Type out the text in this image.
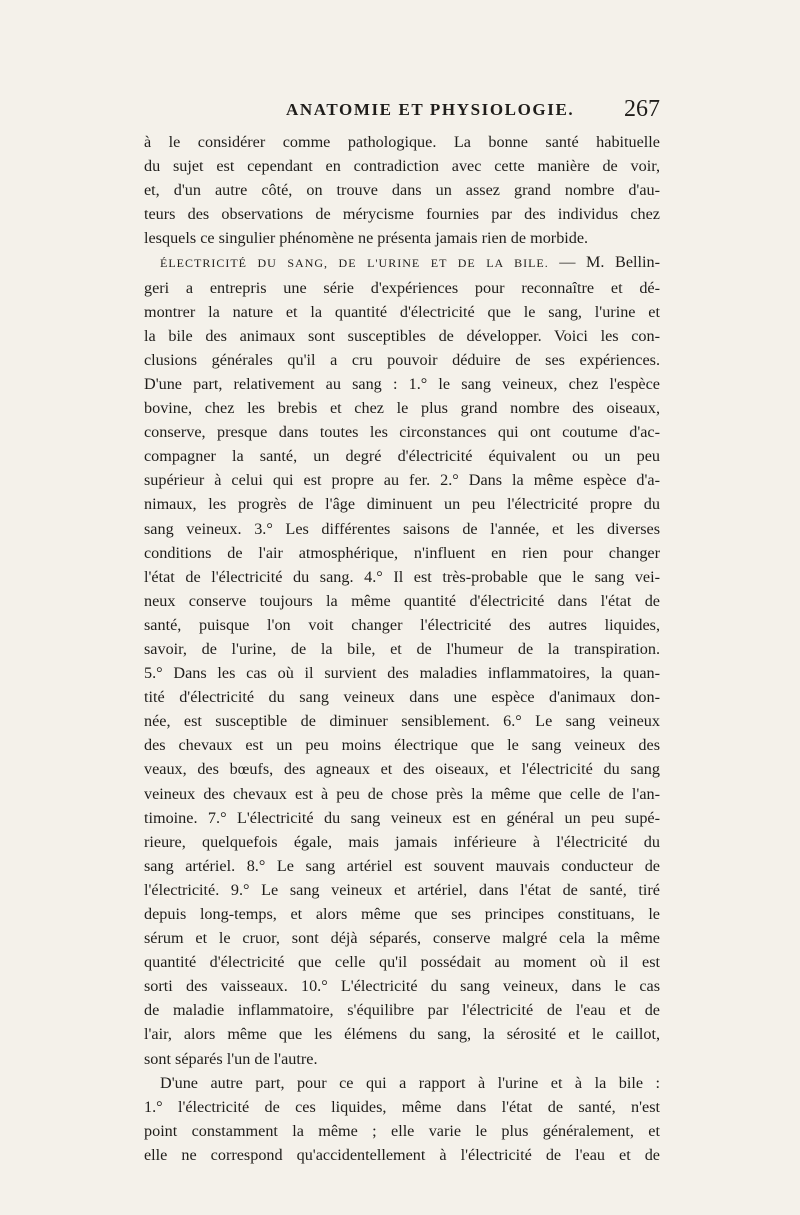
ANATOMIE ET PHYSIOLOGIE. 267
à le considérer comme pathologique. La bonne santé habituelle
du sujet est cependant en contradiction avec cette manière de voir,
et, d'un autre côté, on trouve dans un assez grand nombre d'au-
teurs des observations de mérycisme fournies par des individus chez
lesquels ce singulier phénomène ne présenta jamais rien de morbide.
ÉLECTRICITÉ DU SANG, DE L'URINE ET DE LA BILE. — M. Bellin-
geri a entrepris une série d'expériences pour reconnaître et dé-
montrer la nature et la quantité d'électricité que le sang, l'urine et
la bile des animaux sont susceptibles de développer. Voici les con-
clusions générales qu'il a cru pouvoir déduire de ses expériences.
D'une part, relativement au sang : 1.° le sang veineux, chez l'espèce
bovine, chez les brebis et chez le plus grand nombre des oiseaux,
conserve, presque dans toutes les circonstances qui ont coutume d'ac-
compagner la santé, un degré d'électricité équivalent ou un peu
supérieur à celui qui est propre au fer. 2.° Dans la même espèce d'a-
nimaux, les progrès de l'âge diminuent un peu l'électricité propre du
sang veineux. 3.° Les différentes saisons de l'année, et les diverses
conditions de l'air atmosphérique, n'influent en rien pour changer
l'état de l'électricité du sang. 4.° Il est très-probable que le sang vei-
neux conserve toujours la même quantité d'électricité dans l'état de
santé, puisque l'on voit changer l'électricité des autres liquides,
savoir, de l'urine, de la bile, et de l'humeur de la transpiration.
5.° Dans les cas où il survient des maladies inflammatoires, la quan-
tité d'électricité du sang veineux dans une espèce d'animaux don-
née, est susceptible de diminuer sensiblement. 6.° Le sang veineux
des chevaux est un peu moins électrique que le sang veineux des
veaux, des bœufs, des agneaux et des oiseaux, et l'électricité du sang
veineux des chevaux est à peu de chose près la même que celle de l'an-
timoine. 7.° L'électricité du sang veineux est en général un peu supé-
rieure, quelquefois égale, mais jamais inférieure à l'électricité du
sang artériel. 8.° Le sang artériel est souvent mauvais conducteur de
l'électricité. 9.° Le sang veineux et artériel, dans l'état de santé, tiré
depuis long-temps, et alors même que ses principes constituans, le
sérum et le cruor, sont déjà séparés, conserve malgré cela la même
quantité d'électricité que celle qu'il possédait au moment où il est
sorti des vaisseaux. 10.° L'électricité du sang veineux, dans le cas
de maladie inflammatoire, s'équilibre par l'électricité de l'eau et de
l'air, alors même que les élémens du sang, la sérosité et le caillot,
sont séparés l'un de l'autre.
D'une autre part, pour ce qui a rapport à l'urine et à la bile :
1.° l'électricité de ces liquides, même dans l'état de santé, n'est
point constamment la même ; elle varie le plus généralement, et
elle ne correspond qu'accidentellement à l'électricité de l'eau et de
